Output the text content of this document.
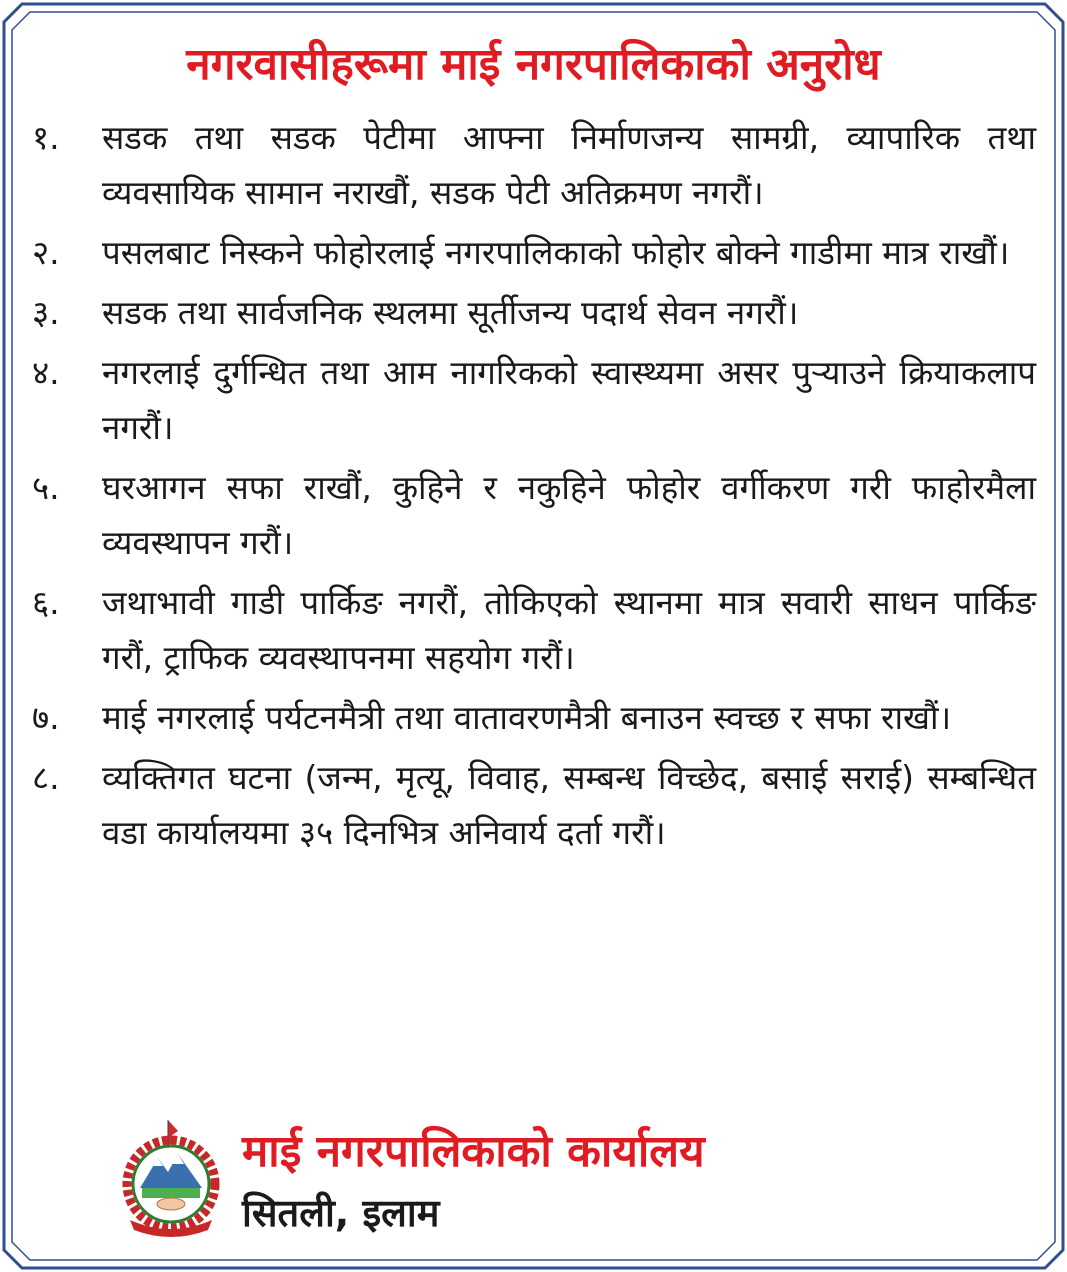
नगरवासीहरूमा माई नगरपालिकाको अनुरोध
१.	सडक तथा सडक पेटीमा आफ्ना निर्माणजन्य सामग्री, व्यापारिक तथा व्यवसायिक सामान नराखौं, सडक पेटी अतिक्रमण नगरौं।
२.	पसलबाट निस्कने फोहोरलाई नगरपालिकाको फोहोर बोक्ने गाडीमा मात्र राखौं।
३.	सडक तथा सार्वजनिक स्थलमा सूर्तीजन्य पदार्थ सेवन नगरौं।
४.	नगरलाई दुर्गन्धित तथा आम नागरिकको स्वास्थ्यमा असर पुऱ्याउने क्रियाकलाप नगरौं।
५.	घरआगन सफा राखौं, कुहिने र नकुहिने फोहोर वर्गीकरण गरी फाहोरमैला व्यवस्थापन गरौं।
६.	जथाभावी गाडी पार्किङ नगरौं, तोकिएको स्थानमा मात्र सवारी साधन पार्किङ गरौं, ट्राफिक व्यवस्थापनमा सहयोग गरौं।
७.	माई नगरलाई पर्यटनमैत्री तथा वातावरणमैत्री बनाउन स्वच्छ र सफा राखौं।
८.	व्यक्तिगत घटना (जन्म, मृत्यू, विवाह, सम्बन्ध विच्छेद, बसाई सराई) सम्बन्धित वडा कार्यालयमा ३५ दिनभित्र अनिवार्य दर्ता गरौं।
माई नगरपालिकाको कार्यालय
सितली, इलाम
